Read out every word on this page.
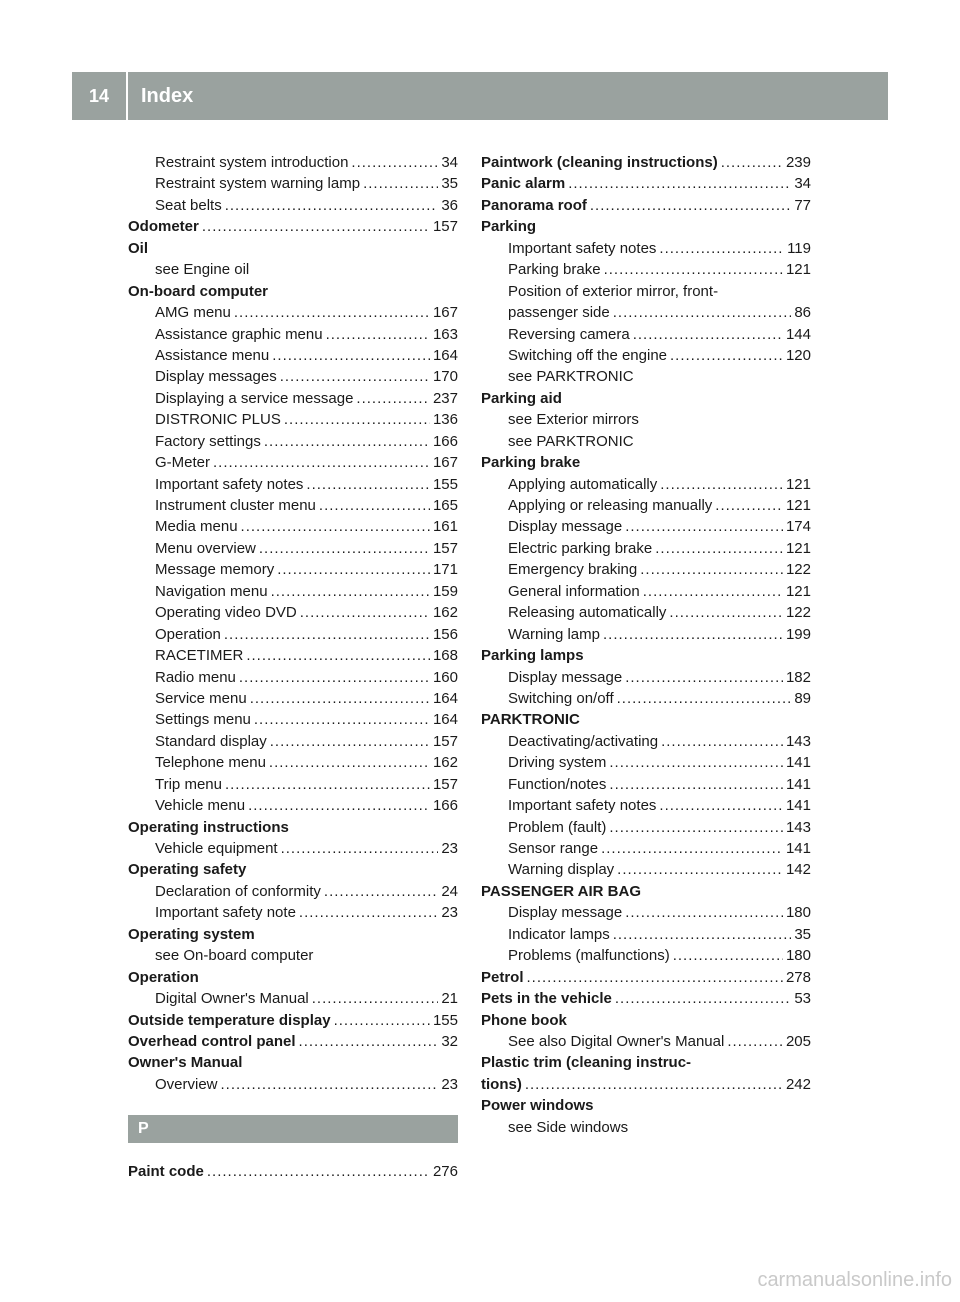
14	Index
Restraint system introduction .....	34
Restraint system warning lamp .....	35
Seat belts .....	36
Odometer .....	157
Oil
see Engine oil
On-board computer
AMG menu .....	167
Assistance graphic menu .....	163
Assistance menu .....	164
Display messages .....	170
Displaying a service message .....	237
DISTRONIC PLUS .....	136
Factory settings .....	166
G-Meter .....	167
Important safety notes .....	155
Instrument cluster menu .....	165
Media menu .....	161
Menu overview .....	157
Message memory .....	171
Navigation menu .....	159
Operating video DVD .....	162
Operation .....	156
RACETIMER .....	168
Radio menu .....	160
Service menu .....	164
Settings menu .....	164
Standard display .....	157
Telephone menu .....	162
Trip menu .....	157
Vehicle menu .....	166
Operating instructions
Vehicle equipment .....	23
Operating safety
Declaration of conformity .....	24
Important safety note .....	23
Operating system
see On-board computer
Operation
Digital Owner's Manual .....	21
Outside temperature display .....	155
Overhead control panel .....	32
Owner's Manual
Overview .....	23
P
Paint code .....	276
Paintwork (cleaning instructions) .....	239
Panic alarm .....	34
Panorama roof .....	77
Parking
Important safety notes .....	119
Parking brake .....	121
Position of exterior mirror, front-
passenger side .....	86
Reversing camera .....	144
Switching off the engine .....	120
see PARKTRONIC
Parking aid
see Exterior mirrors
see PARKTRONIC
Parking brake
Applying automatically .....	121
Applying or releasing manually .....	121
Display message .....	174
Electric parking brake .....	121
Emergency braking .....	122
General information .....	121
Releasing automatically .....	122
Warning lamp .....	199
Parking lamps
Display message .....	182
Switching on/off .....	89
PARKTRONIC
Deactivating/activating .....	143
Driving system .....	141
Function/notes .....	141
Important safety notes .....	141
Problem (fault) .....	143
Sensor range .....	141
Warning display .....	142
PASSENGER AIR BAG
Display message .....	180
Indicator lamps .....	35
Problems (malfunctions) .....	180
Petrol .....	278
Pets in the vehicle .....	53
Phone book
See also Digital Owner's Manual .....	205
Plastic trim (cleaning instruc-
tions) .....	242
Power windows
see Side windows
carmanualsonline.info
